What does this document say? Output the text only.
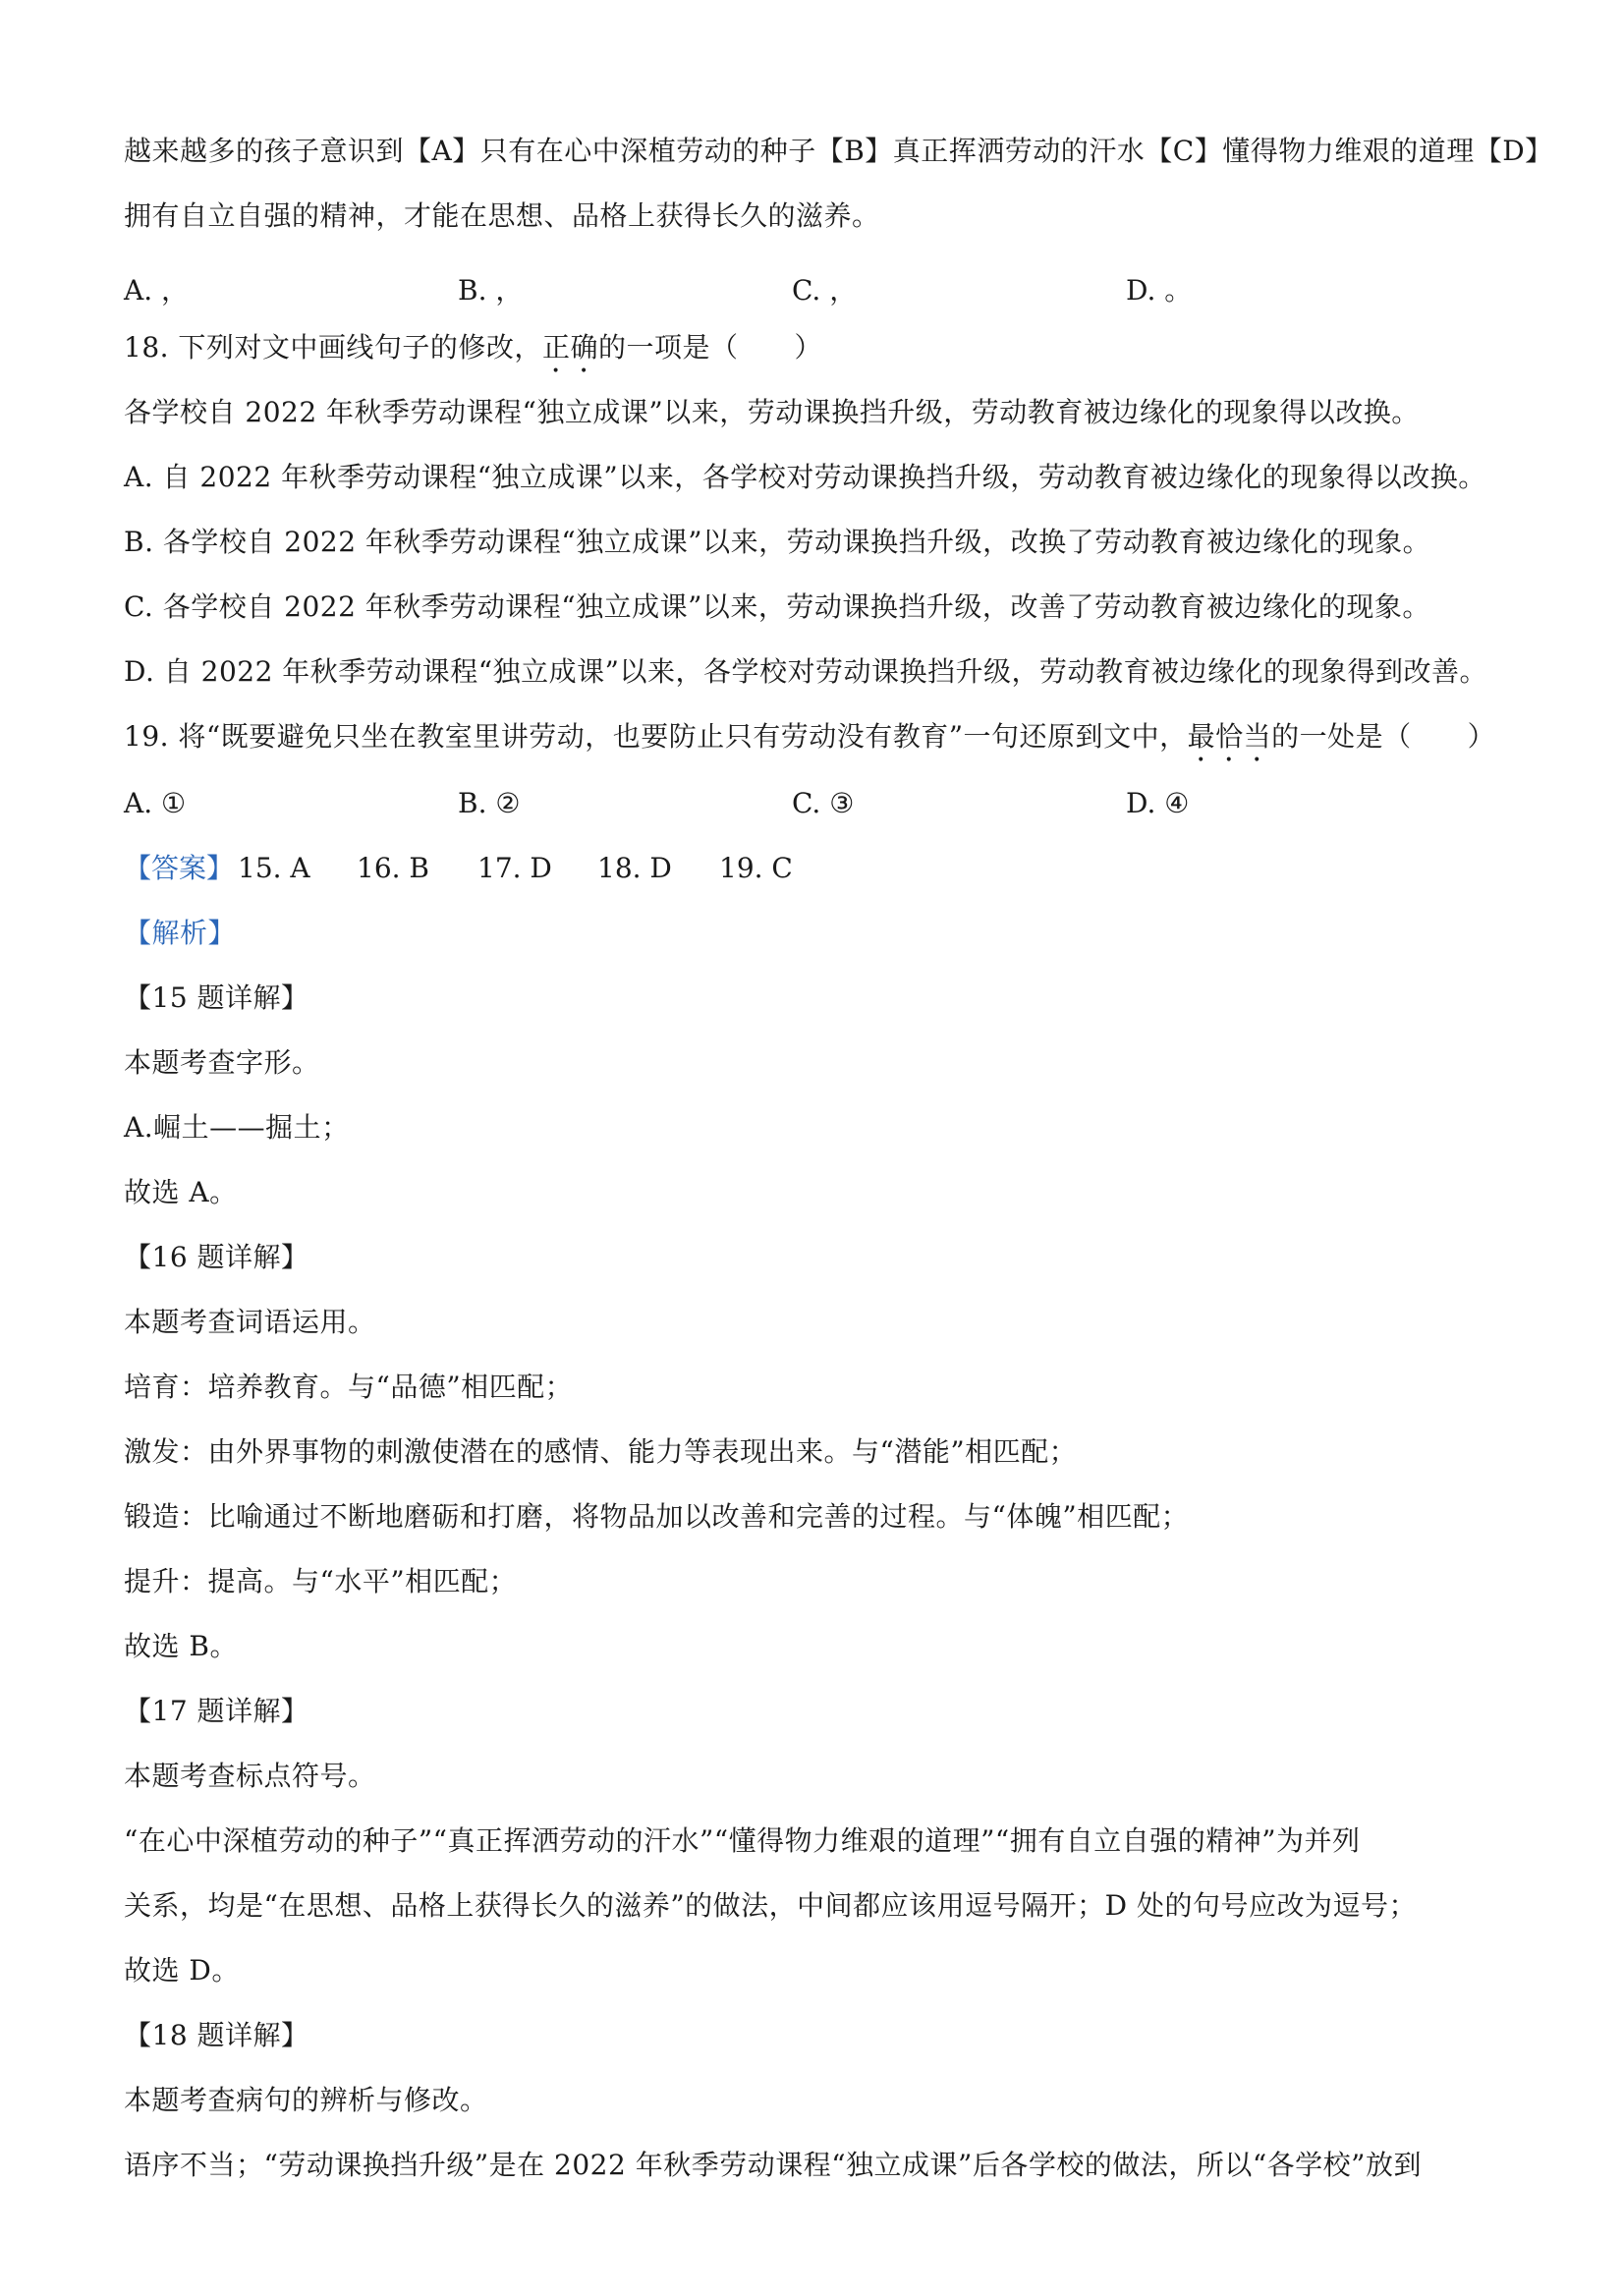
越来越多的孩子意识到【A】只有在心中深植劳动的种子【B】真正挥洒劳动的汗水【C】懂得物力维艰的道理【D】
拥有自立自强的精神，才能在思想、品格上获得长久的滋养。
A. ，	B. ，	C. ，	D. 。
18. 下列对文中画线句子的修改，正确的一项是（　　）
各学校自 2022 年秋季劳动课程“独立成课”以来，劳动课换挡升级，劳动教育被边缘化的现象得以改换。
A. 自 2022 年秋季劳动课程“独立成课”以来，各学校对劳动课换挡升级，劳动教育被边缘化的现象得以改换。
B. 各学校自 2022 年秋季劳动课程“独立成课”以来，劳动课换挡升级，改换了劳动教育被边缘化的现象。
C. 各学校自 2022 年秋季劳动课程“独立成课”以来，劳动课换挡升级，改善了劳动教育被边缘化的现象。
D. 自 2022 年秋季劳动课程“独立成课”以来，各学校对劳动课换挡升级，劳动教育被边缘化的现象得到改善。
19. 将“既要避免只坐在教室里讲劳动，也要防止只有劳动没有教育”一句还原到文中，最恰当的一处是（　　）
A. ①	B. ②	C. ③	D. ④
【答案】 15. A 16. B 17. D 18. D 19. C
【解析】
【15 题详解】
本题考查字形。
A.崛土——掘土；
故选 A。
【16 题详解】
本题考查词语运用。
培育：培养教育。与“品德”相匹配；
激发：由外界事物的刺激使潜在的感情、能力等表现出来。与“潜能”相匹配；
锻造：比喻通过不断地磨砺和打磨，将物品加以改善和完善的过程。与“体魄”相匹配；
提升：提高。与“水平”相匹配；
故选 B。
【17 题详解】
本题考查标点符号。
“在心中深植劳动的种子”“真正挥洒劳动的汗水”“懂得物力维艰的道理”“拥有自立自强的精神”为并列
关系，均是“在思想、品格上获得长久的滋养”的做法，中间都应该用逗号隔开；D 处的句号应改为逗号；
故选 D。
【18 题详解】
本题考查病句的辨析与修改。
语序不当；“劳动课换挡升级”是在 2022 年秋季劳动课程“独立成课”后各学校的做法，所以“各学校”放到
